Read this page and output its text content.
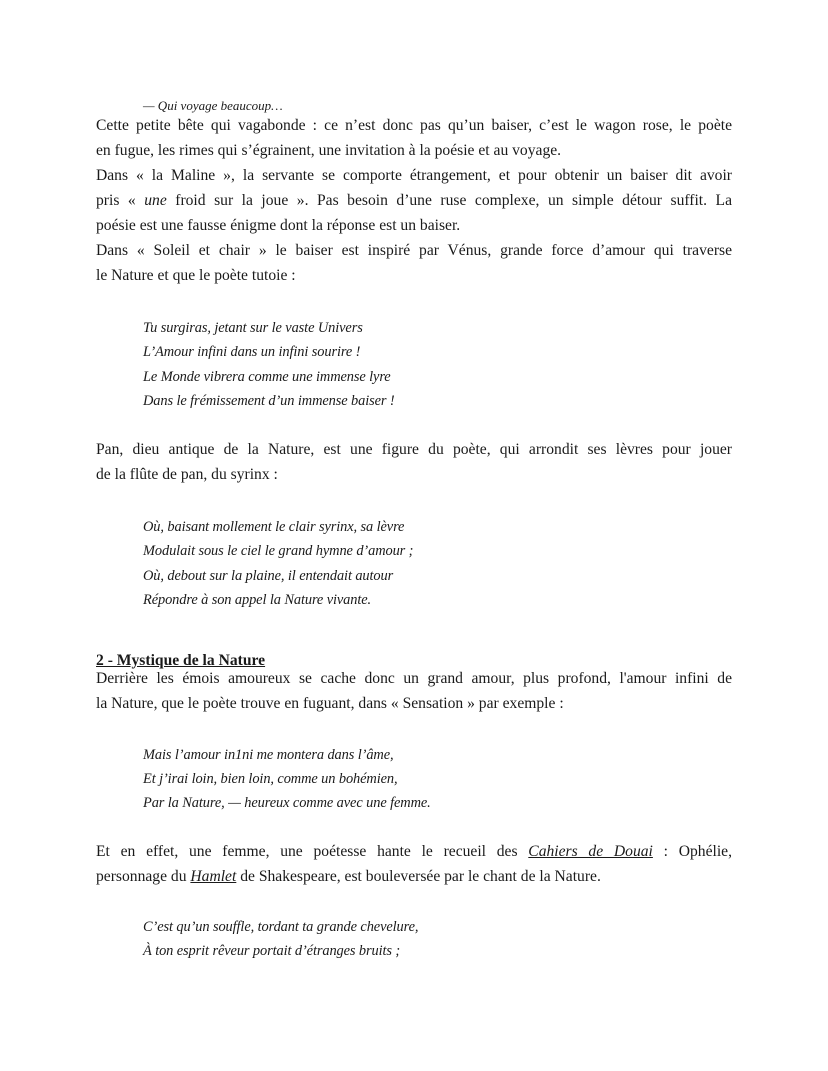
— Qui voyage beaucoup…
Cette petite bête qui vagabonde : ce n’est donc pas qu’un baiser, c’est le wagon rose, le poète
en fugue, les rimes qui s’égrainent, une invitation à la poésie et au voyage.
Dans « la Maline », la servante se comporte étrangement, et pour obtenir un baiser dit avoir
pris « une froid sur la joue ». Pas besoin d’une ruse complexe, un simple détour suffit. La
poésie est une fausse énigme dont la réponse est un baiser.
Dans « Soleil et chair » le baiser est inspiré par Vénus, grande force d’amour qui traverse
le Nature et que le poète tutoie :
Tu surgiras, jetant sur le vaste Univers
L’Amour infini dans un infini sourire !
Le Monde vibrera comme une immense lyre
Dans le frémissement d’un immense baiser !
Pan, dieu antique de la Nature, est une figure du poète, qui arrondit ses lèvres pour jouer
de la flûte de pan, du syrinx :
Où, baisant mollement le clair syrinx, sa lèvre
Modulait sous le ciel le grand hymne d’amour ;
Où, debout sur la plaine, il entendait autour
Répondre à son appel la Nature vivante.
2 - Mystique de la Nature
Derrière les émois amoureux se cache donc un grand amour, plus profond, l'amour infini de
la Nature, que le poète trouve en fuguant, dans « Sensation » par exemple :
Mais l’amour in1ni me montera dans l’âme,
Et j’irai loin, bien loin, comme un bohémien,
Par la Nature, — heureux comme avec une femme.
Et en effet, une femme, une poétesse hante le recueil des Cahiers de Douai : Ophélie,
personnage du Hamlet de Shakespeare, est bouleversée par le chant de la Nature.
C’est qu’un souffle, tordant ta grande chevelure,
À ton esprit rêveur portait d’étranges bruits ;
